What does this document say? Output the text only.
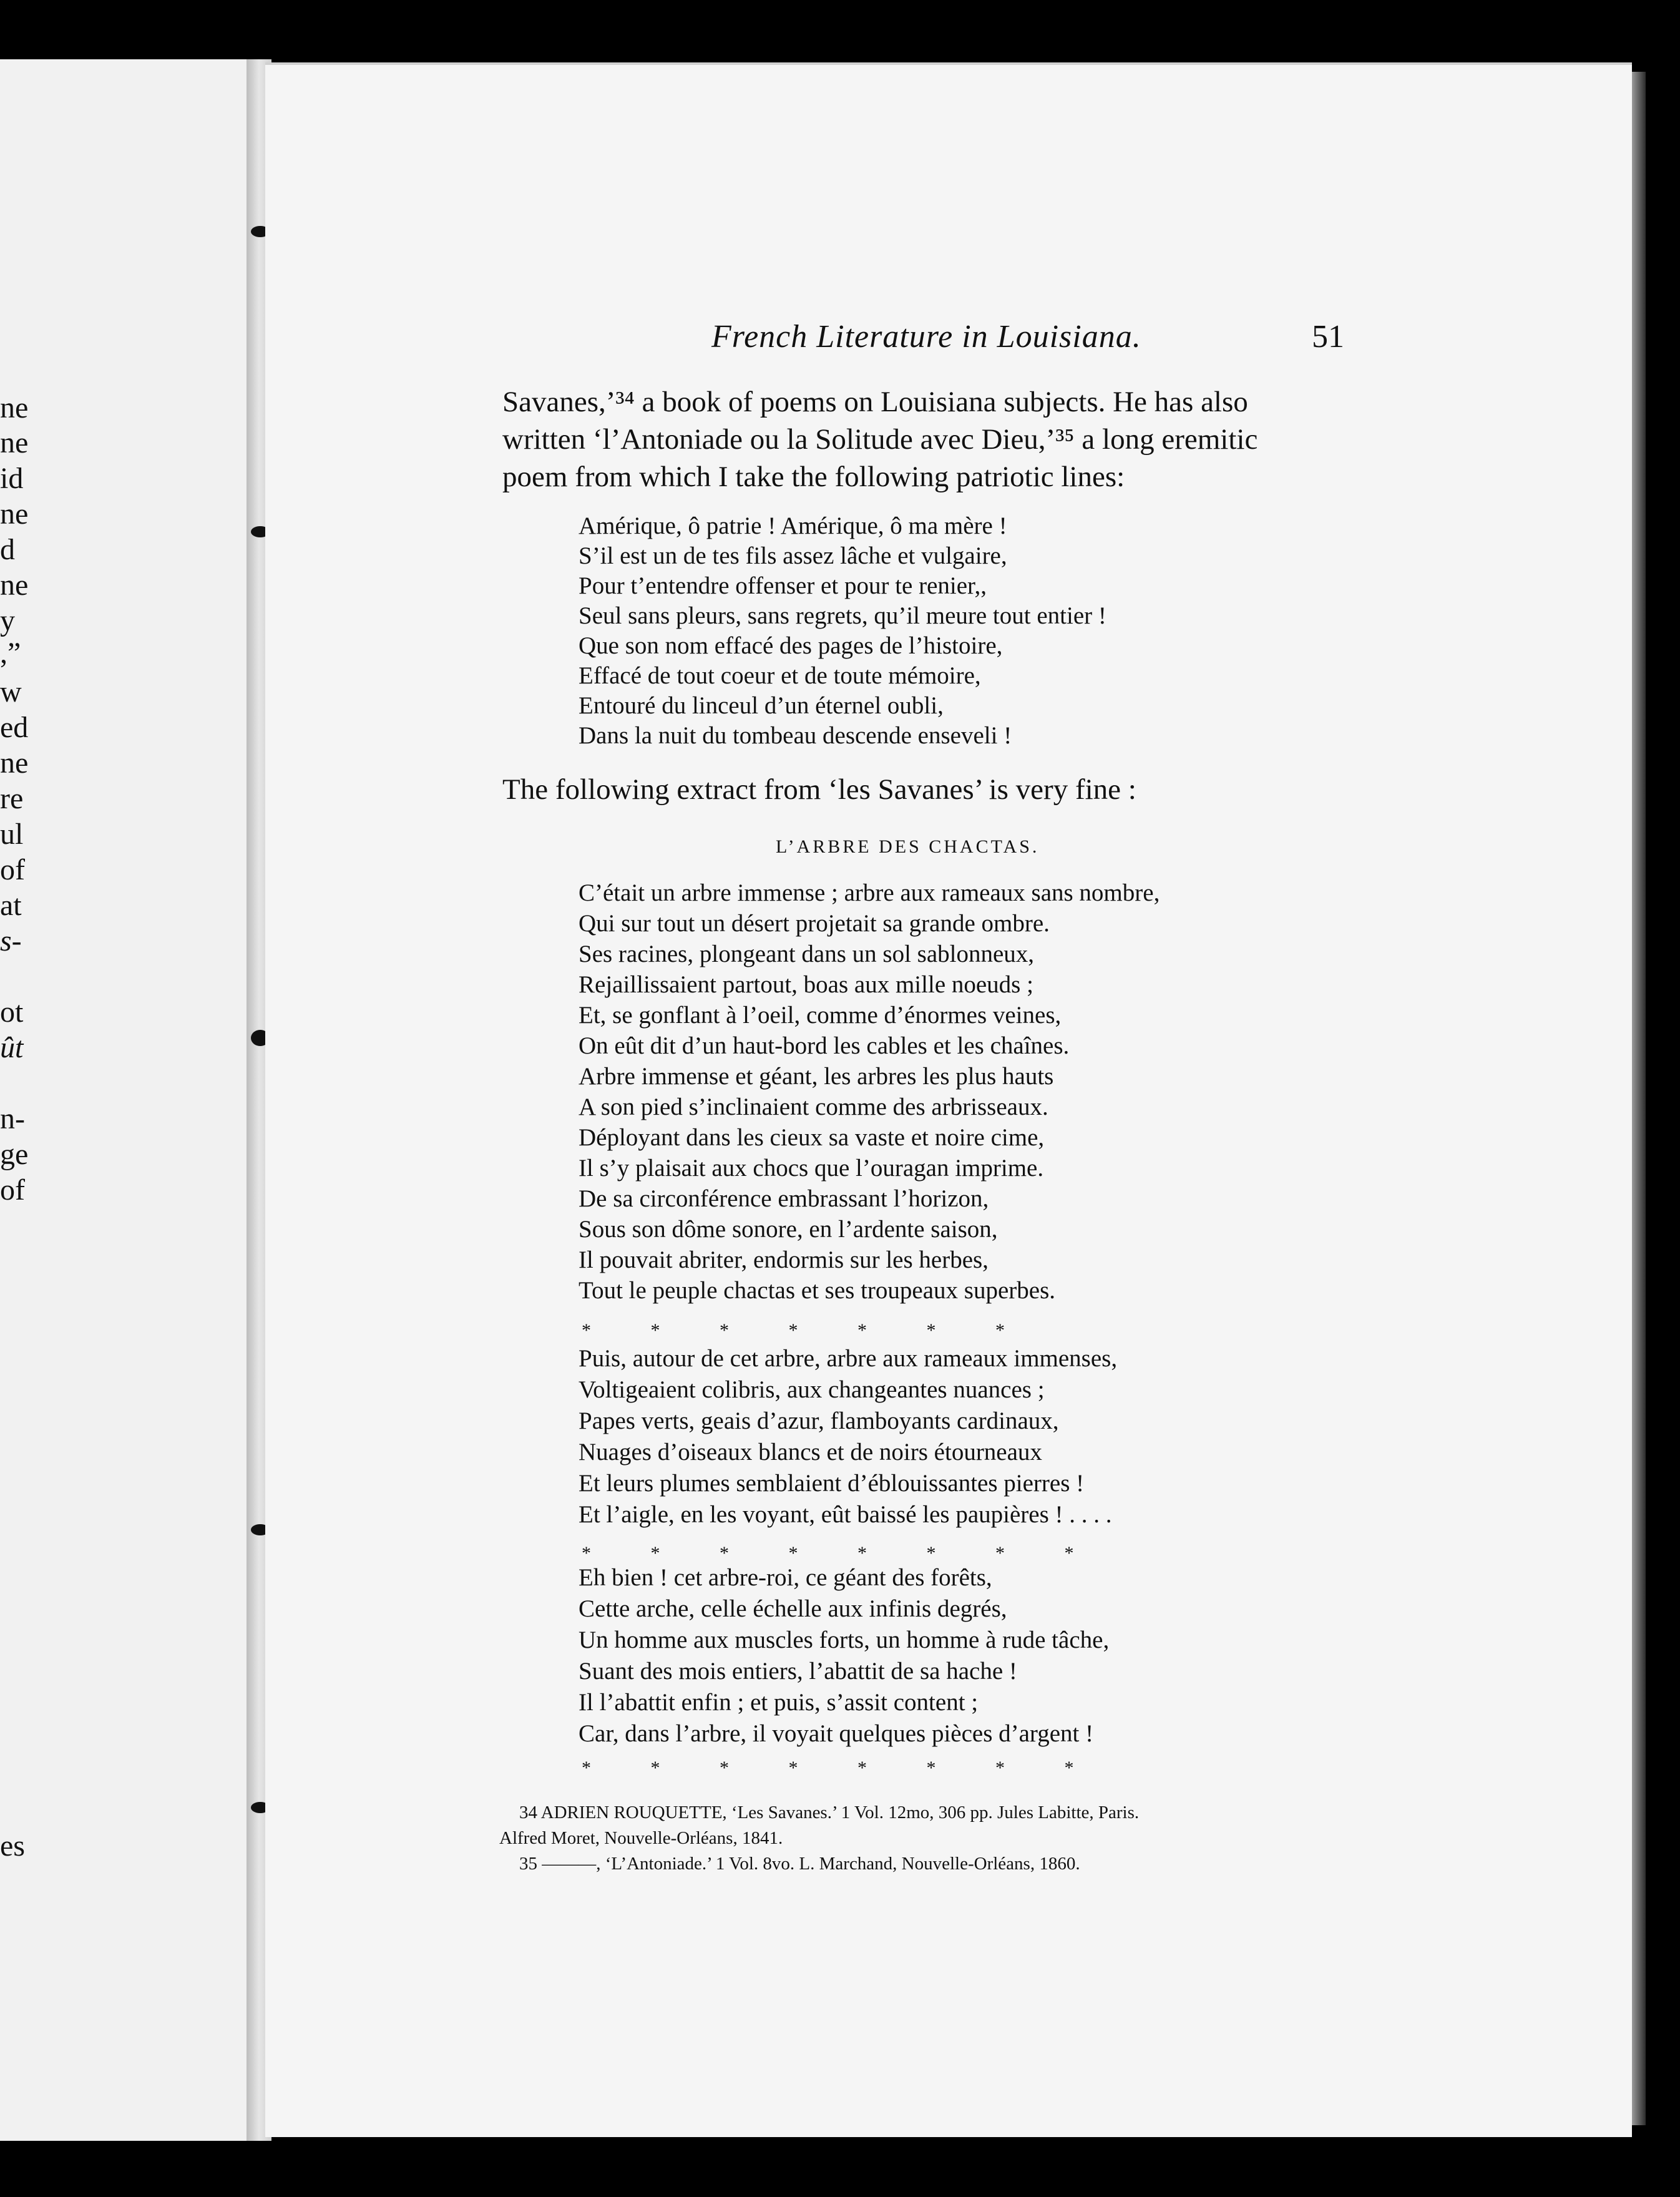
ne
ne
id
ne
d
ne
y
,”
w
ed
ne
re
ul
of
at
s-
ot
ût
n-
ge
of
es
French Literature in Louisiana.	51
Savanes,’³⁴ a book of poems on Louisiana subjects. He has also
written ‘l’Antoniade ou la Solitude avec Dieu,’³⁵ a long eremitic
poem from which I take the following patriotic lines:
Amérique, ô patrie ! Amérique, ô ma mère !
S’il est un de tes fils assez lâche et vulgaire,
Pour t’entendre offenser et pour te renier,,
Seul sans pleurs, sans regrets, qu’il meure tout entier !
Que son nom effacé des pages de l’histoire,
Effacé de tout coeur et de toute mémoire,
Entouré du linceul d’un éternel oubli,
Dans la nuit du tombeau descende enseveli !
The following extract from ‘les Savanes’ is very fine :
L’ARBRE DES CHACTAS.
C’était un arbre immense ; arbre aux rameaux sans nombre,
Qui sur tout un désert projetait sa grande ombre.
Ses racines, plongeant dans un sol sablonneux,
Rejaillissaient partout, boas aux mille noeuds ;
Et, se gonflant à l’oeil, comme d’énormes veines,
On eût dit d’un haut-bord les cables et les chaînes.
Arbre immense et géant, les arbres les plus hauts
A son pied s’inclinaient comme des arbrisseaux.
Déployant dans les cieux sa vaste et noire cime,
Il s’y plaisait aux chocs que l’ouragan imprime.
De sa circonférence embrassant l’horizon,
Sous son dôme sonore, en l’ardente saison,
Il pouvait abriter, endormis sur les herbes,
Tout le peuple chactas et ses troupeaux superbes.
* * * * * * *
Puis, autour de cet arbre, arbre aux rameaux immenses,
Voltigeaient colibris, aux changeantes nuances ;
Papes verts, geais d’azur, flamboyants cardinaux,
Nuages d’oiseaux blancs et de noirs étourneaux
Et leurs plumes semblaient d’éblouissantes pierres !
Et l’aigle, en les voyant, eût baissé les paupières ! . . . .
* * * * * * * *
Eh bien ! cet arbre-roi, ce géant des forêts,
Cette arche, celle échelle aux infinis degrés,
Un homme aux muscles forts, un homme à rude tâche,
Suant des mois entiers, l’abattit de sa hache !
Il l’abattit enfin ; et puis, s’assit content ;
Car, dans l’arbre, il voyait quelques pièces d’argent !
* * * * * * * *
34 ADRIEN ROUQUETTE, ‘Les Savanes.’ 1 Vol. 12mo, 306 pp. Jules Labitte, Paris.
Alfred Moret, Nouvelle-Orléans, 1841.
35 ———, ‘L’Antoniade.’ 1 Vol. 8vo. L. Marchand, Nouvelle-Orléans, 1860.
